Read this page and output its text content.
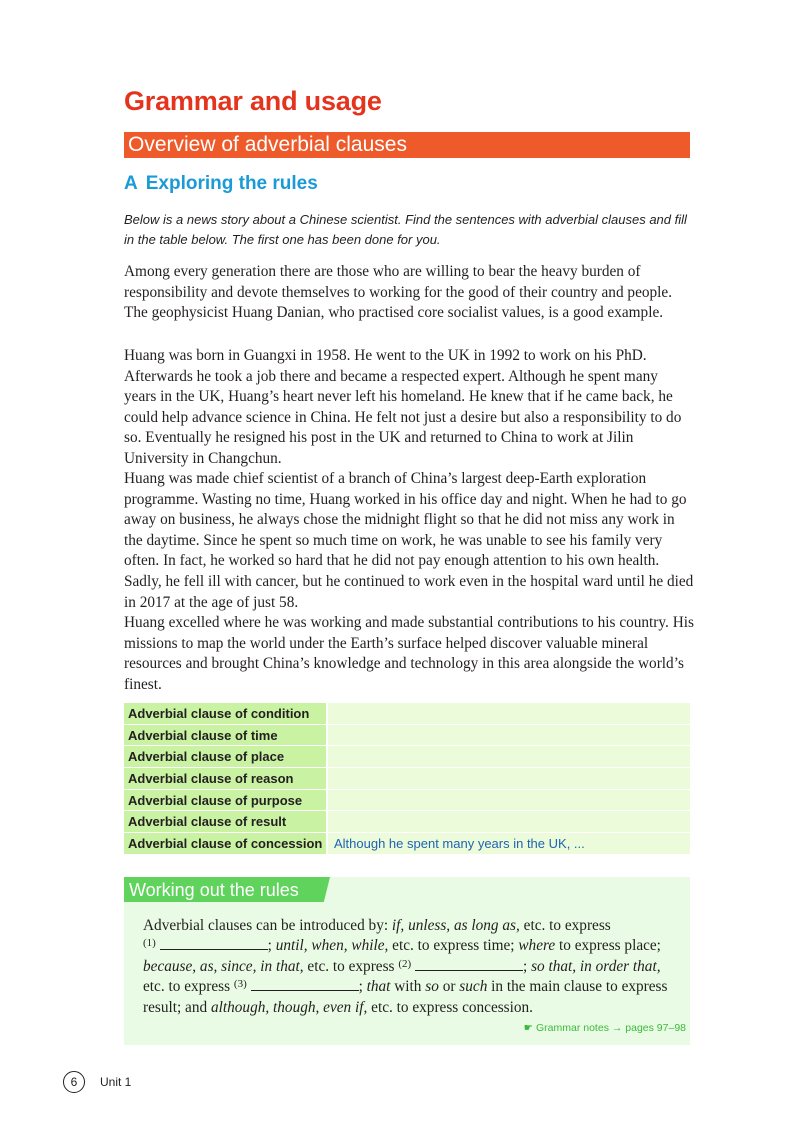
Grammar and usage
Overview of adverbial clauses
A Exploring the rules
Below is a news story about a Chinese scientist. Find the sentences with adverbial clauses and fill in the table below. The first one has been done for you.
Among every generation there are those who are willing to bear the heavy burden of responsibility and devote themselves to working for the good of their country and people. The geophysicist Huang Danian, who practised core socialist values, is a good example.
Huang was born in Guangxi in 1958. He went to the UK in 1992 to work on his PhD. Afterwards he took a job there and became a respected expert. Although he spent many years in the UK, Huang’s heart never left his homeland. He knew that if he came back, he could help advance science in China. He felt not just a desire but also a responsibility to do so. Eventually he resigned his post in the UK and returned to China to work at Jilin University in Changchun.
Huang was made chief scientist of a branch of China’s largest deep-Earth exploration programme. Wasting no time, Huang worked in his office day and night. When he had to go away on business, he always chose the midnight flight so that he did not miss any work in the daytime. Since he spent so much time on work, he was unable to see his family very often. In fact, he worked so hard that he did not pay enough attention to his own health. Sadly, he fell ill with cancer, but he continued to work even in the hospital ward until he died in 2017 at the age of just 58.
Huang excelled where he was working and made substantial contributions to his country. His missions to map the world under the Earth’s surface helped discover valuable mineral resources and brought China’s knowledge and technology in this area alongside the world’s finest.
Adverbial clause of condition	
Adverbial clause of time	
Adverbial clause of place	
Adverbial clause of reason	
Adverbial clause of purpose	
Adverbial clause of result	
Adverbial clause of concession	Although he spent many years in the UK, ...
Working out the rules
Adverbial clauses can be introduced by: if, unless, as long as, etc. to express
$^{(1)}$	; until, when, while, etc. to express time; where to express place; because, as, since, in that, etc. to express $^{(2)}$	; so that, in order that, etc. to express $^{(3)}$	; that with so or such in the main clause to express result; and although, though, even if, etc. to express concession.
☛ Grammar notes → pages 97–98
6	Unit 1
